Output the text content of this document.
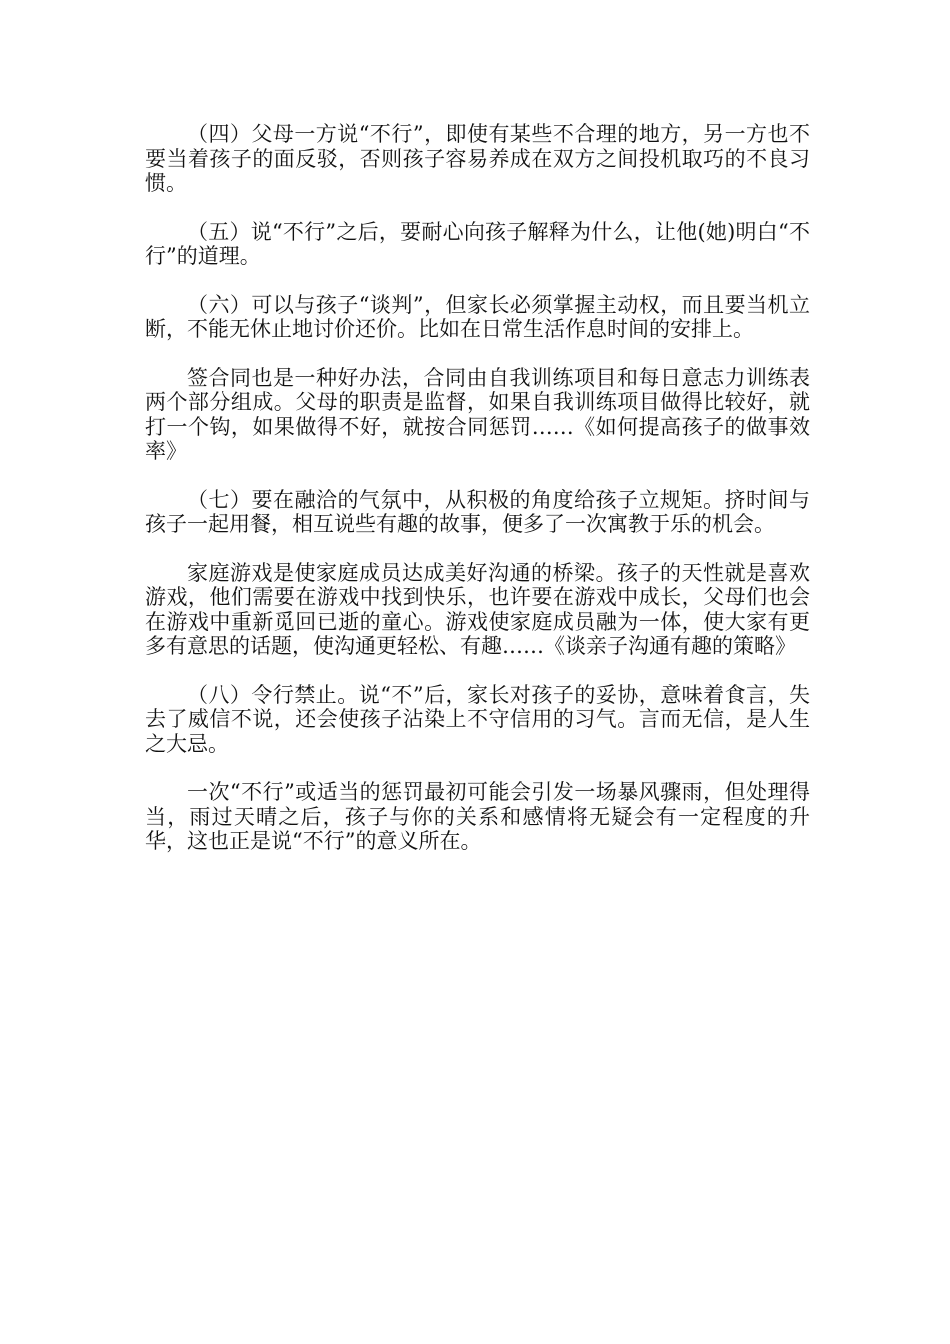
（四）父母一方说“不行”，即使有某些不合理的地方，另一方也不要当着孩子的面反驳，否则孩子容易养成在双方之间投机取巧的不良习惯。

（五）说“不行”之后，要耐心向孩子解释为什么，让他(她)明白“不行”的道理。

（六）可以与孩子“谈判”，但家长必须掌握主动权，而且要当机立断，不能无休止地讨价还价。比如在日常生活作息时间的安排上。

签合同也是一种好办法，合同由自我训练项目和每日意志力训练表两个部分组成。父母的职责是监督，如果自我训练项目做得比较好，就打一个钩，如果做得不好，就按合同惩罚……《如何提高孩子的做事效率》

（七）要在融洽的气氛中，从积极的角度给孩子立规矩。挤时间与孩子一起用餐，相互说些有趣的故事，便多了一次寓教于乐的机会。

家庭游戏是使家庭成员达成美好沟通的桥梁。孩子的天性就是喜欢游戏，他们需要在游戏中找到快乐，也许要在游戏中成长，父母们也会在游戏中重新觅回已逝的童心。游戏使家庭成员融为一体，使大家有更多有意思的话题，使沟通更轻松、有趣……《谈亲子沟通有趣的策略》

（八）令行禁止。说“不”后，家长对孩子的妥协，意味着食言，失去了威信不说，还会使孩子沾染上不守信用的习气。言而无信，是人生之大忌。

一次“不行”或适当的惩罚最初可能会引发一场暴风骤雨，但处理得当，雨过天晴之后，孩子与你的关系和感情将无疑会有一定程度的升华，这也正是说“不行”的意义所在。
